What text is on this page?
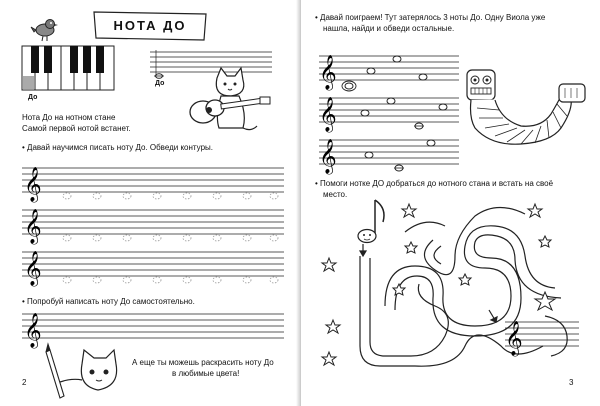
До
НОТА ДО
До
Нота До на нотном стане
Самой первой нотой встанет.
• Давай научимся писать ноту До. Обведи контуры.
𝄞
𝄞
𝄞
• Попробуй написать ноту До самостоятельно.
𝄞
А еще ты можешь раскрасить ноту До
в любимые цвета!
2
• Давай поиграем! Тут затерялось 3 ноты До. Одну Виола уже
нашла, найди и обведи остальные.
𝄞
𝄞
𝄞
• Помоги нотке ДО добраться до нотного стана и встать на своё
место.
𝄞
3
